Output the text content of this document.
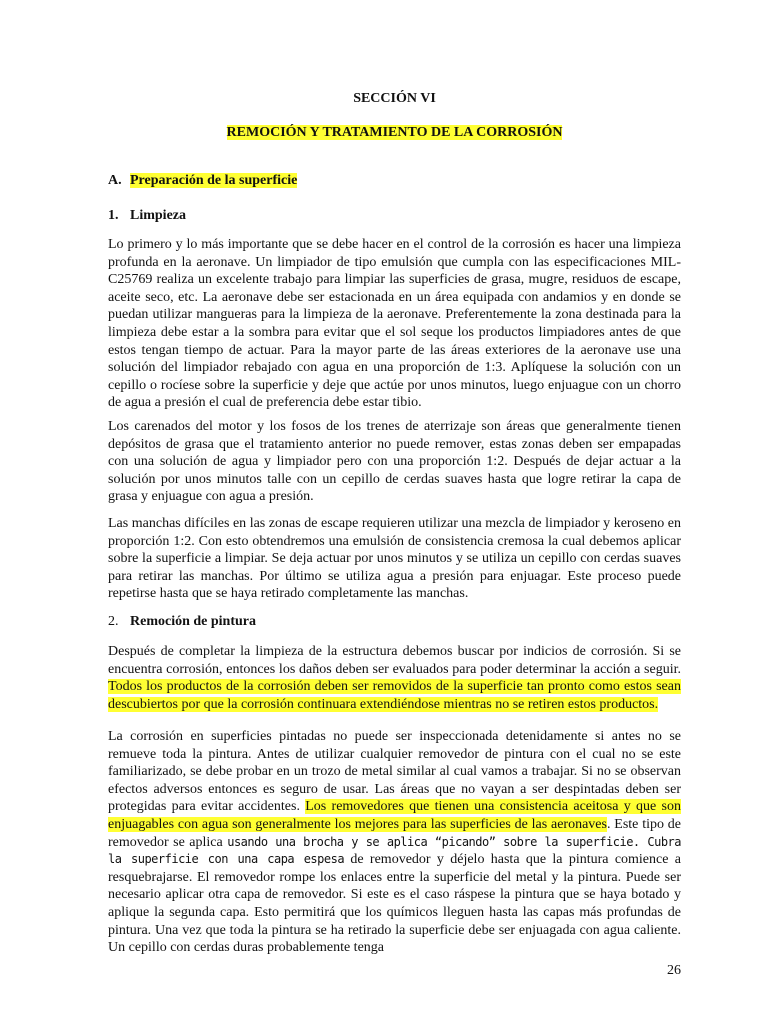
SECCIÓN VI
REMOCIÓN Y TRATAMIENTO DE LA CORROSIÓN
A. Preparación de la superficie
1. Limpieza

Lo primero y lo más importante que se debe hacer en el control de la corrosión es hacer una limpieza profunda en la aeronave. Un limpiador de tipo emulsión que cumpla con las especificaciones MIL-C25769 realiza un excelente trabajo para limpiar las superficies de grasa, mugre, residuos de escape, aceite seco, etc. La aeronave debe ser estacionada en un área equipada con andamios y en donde se puedan utilizar mangueras para la limpieza de la aeronave. Preferentemente la zona destinada para la limpieza debe estar a la sombra para evitar que el sol seque los productos limpiadores antes de que estos tengan tiempo de actuar. Para la mayor parte de las áreas exteriores de la aeronave use una solución del limpiador rebajado con agua en una proporción de 1:3. Aplíquese la solución con un cepillo o rocíese sobre la superficie y deje que actúe por unos minutos, luego enjuague con un chorro de agua a presión el cual de preferencia debe estar tibio.

Los carenados del motor y los fosos de los trenes de aterrizaje son áreas que generalmente tienen depósitos de grasa que el tratamiento anterior no puede remover, estas zonas deben ser empapadas con una solución de agua y limpiador pero con una proporción 1:2. Después de dejar actuar a la solución por unos minutos talle con un cepillo de cerdas suaves hasta que logre retirar la capa de grasa y enjuague con agua a presión.

Las manchas difíciles en las zonas de escape requieren utilizar una mezcla de limpiador y keroseno en proporción 1:2. Con esto obtendremos una emulsión de consistencia cremosa la cual debemos aplicar sobre la superficie a limpiar. Se deja actuar por unos minutos y se utiliza un cepillo con cerdas suaves para retirar las manchas. Por último se utiliza agua a presión para enjuagar. Este proceso puede repetirse hasta que se haya retirado completamente las manchas.

2. Remoción de pintura

Después de completar la limpieza de la estructura debemos buscar por indicios de corrosión. Si se encuentra corrosión, entonces los daños deben ser evaluados para poder determinar la acción a seguir. Todos los productos de la corrosión deben ser removidos de la superficie tan pronto como estos sean descubiertos por que la corrosión continuara extendiéndose mientras no se retiren estos productos.

La corrosión en superficies pintadas no puede ser inspeccionada detenidamente si antes no se remueve toda la pintura. Antes de utilizar cualquier removedor de pintura con el cual no se este familiarizado, se debe probar en un trozo de metal similar al cual vamos a trabajar. Si no se observan efectos adversos entonces es seguro de usar. Las áreas que no vayan a ser despintadas deben ser protegidas para evitar accidentes. Los removedores que tienen una consistencia aceitosa y que son enjuagables con agua son generalmente los mejores para las superficies de las aeronaves. Este tipo de removedor se aplica usando una brocha y se aplica “picando” sobre la superficie. Cubra la superficie con una capa espesa de removedor y déjelo hasta que la pintura comience a resquebrajarse. El removedor rompe los enlaces entre la superficie del metal y la pintura. Puede ser necesario aplicar otra capa de removedor. Si este es el caso ráspese la pintura que se haya botado y aplique la segunda capa. Esto permitirá que los químicos lleguen hasta las capas más profundas de pintura. Una vez que toda la pintura se ha retirado la superficie debe ser enjuagada con agua caliente. Un cepillo con cerdas duras probablemente tenga

26
